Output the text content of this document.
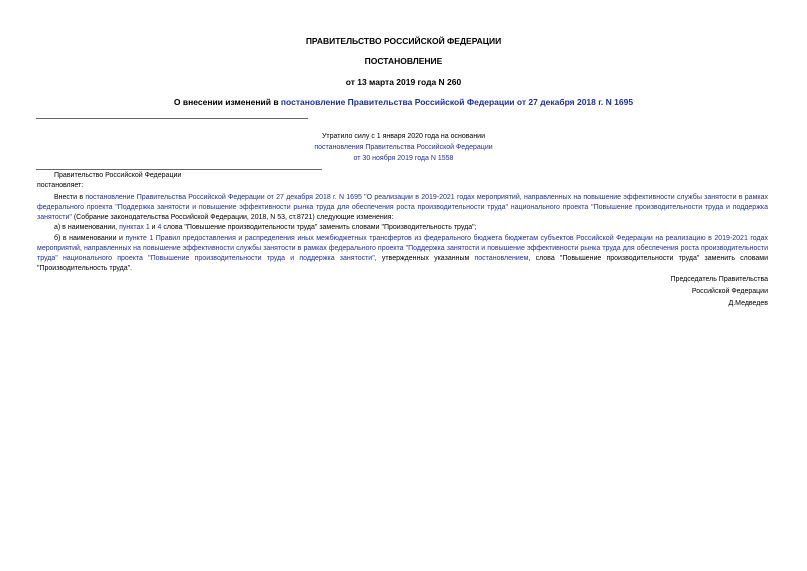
ПРАВИТЕЛЬСТВО РОССИЙСКОЙ ФЕДЕРАЦИИ
ПОСТАНОВЛЕНИЕ
от 13 марта 2019 года N 260
О внесении изменений в постановление Правительства Российской Федерации от 27 декабря 2018 г. N 1695
Утратило силу с 1 января 2020 года на основании
постановления Правительства Российской Федерации
от 30 ноября 2019 года N 1558
Правительство Российской Федерации
постановляет:
Внести в постановление Правительства Российской Федерации от 27 декабря 2018 г. N 1695 "О реализации в 2019-2021 годах мероприятий, направленных на повышение эффективности службы занятости в рамках федерального проекта "Поддержка занятости и повышение эффективности рынка труда для обеспечения роста производительности труда" национального проекта "Повышение производительности труда и поддержка занятости" (Собрание законодательства Российской Федерации, 2018, N 53, ст.8721) следующие изменения:
а) в наименовании, пунктах 1 и 4 слова "Повышение производительности труда" заменить словами "Производительность труда";
б) в наименовании и пункте 1 Правил предоставления и распределения иных межбюджетных трансфертов из федерального бюджета бюджетам субъектов Российской Федерации на реализацию в 2019-2021 годах мероприятий, направленных на повышение эффективности службы занятости в рамках федерального проекта "Поддержка занятости и повышение эффективности рынка труда для обеспечения роста производительности труда" национального проекта "Повышение производительности труда и поддержка занятости", утвержденных указанным постановлением, слова "Повышение производительности труда" заменить словами "Производительность труда".
Председатель Правительства
Российской Федерации
Д.Медведев
